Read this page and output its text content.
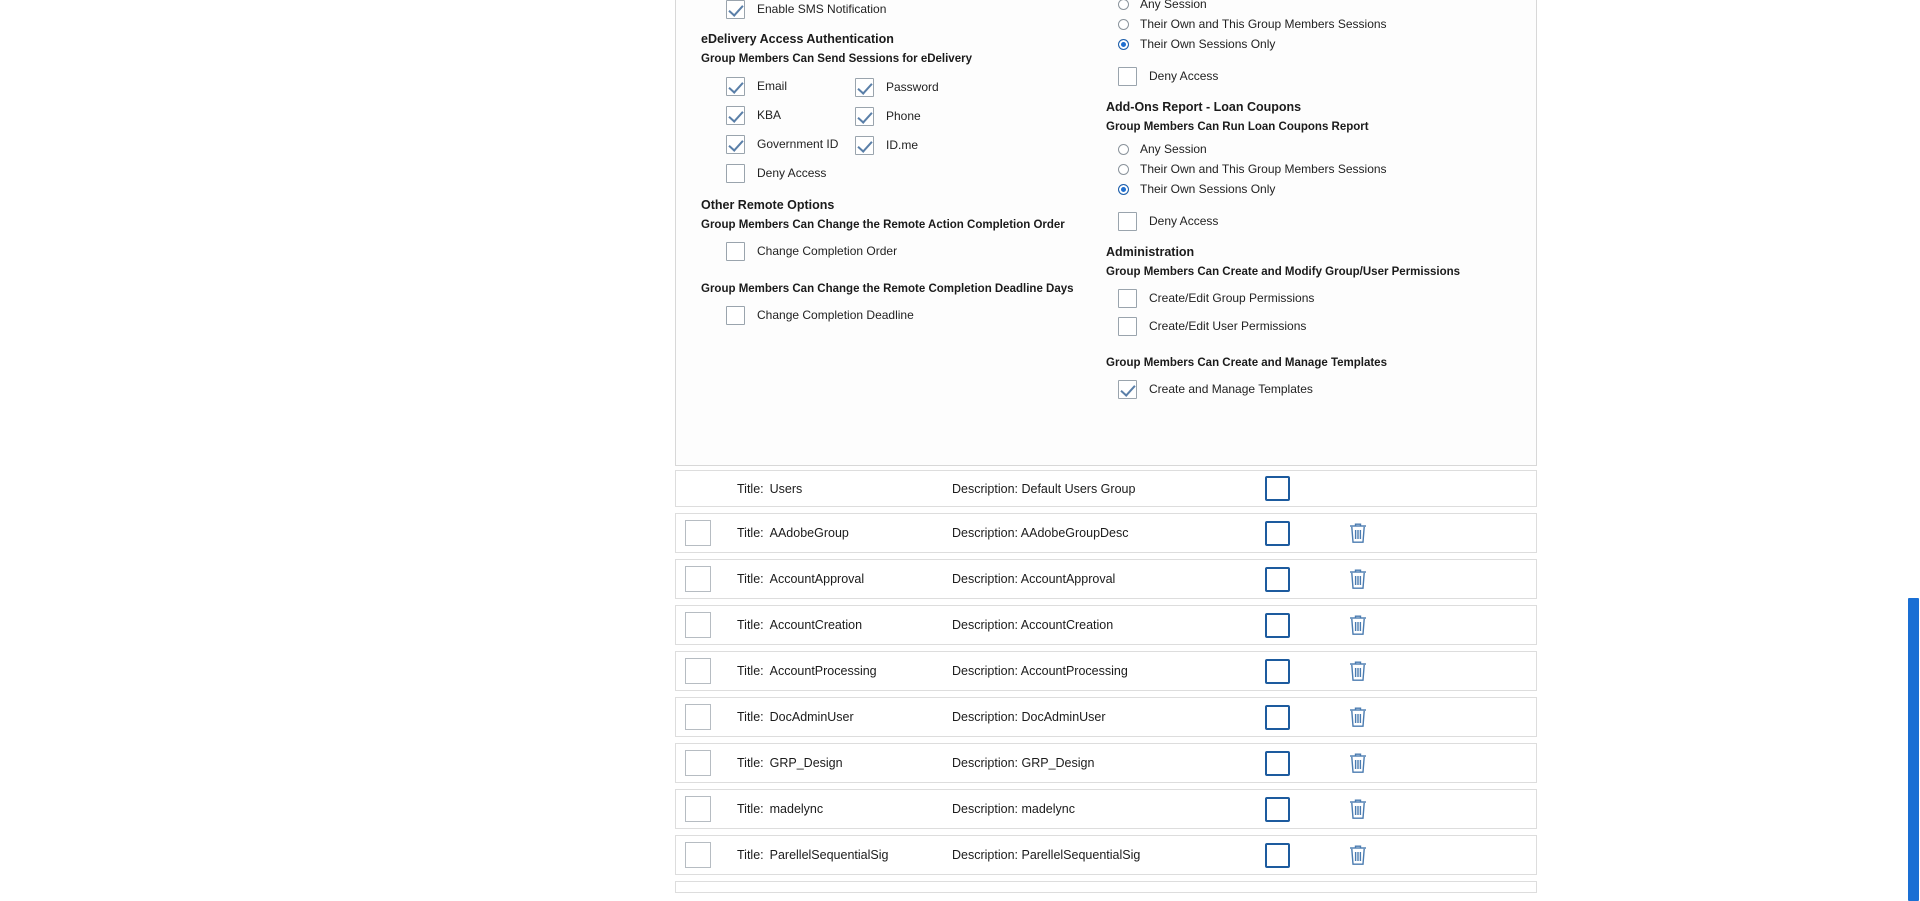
Enable SMS Notification
eDelivery Access Authentication
Group Members Can Send Sessions for eDelivery
Email
KBA
Government ID
Deny Access
Password
Phone
ID.me
Other Remote Options
Group Members Can Change the Remote Action Completion Order
Change Completion Order
Group Members Can Change the Remote Completion Deadline Days
Change Completion Deadline
Any Session
Their Own and This Group Members Sessions
Their Own Sessions Only
Deny Access
Add-Ons Report - Loan Coupons
Group Members Can Run Loan Coupons Report
Any Session
Their Own and This Group Members Sessions
Their Own Sessions Only
Deny Access
Administration
Group Members Can Create and Modify Group/User Permissions
Create/Edit Group Permissions
Create/Edit User Permissions
Group Members Can Create and Manage Templates
Create and Manage Templates
Title: Users	Description: Default Users Group
Title: AAdobeGroup	Description: AAdobeGroupDesc
Title: AccountApproval	Description: AccountApproval
Title: AccountCreation	Description: AccountCreation
Title: AccountProcessing	Description: AccountProcessing
Title: DocAdminUser	Description: DocAdminUser
Title: GRP_Design	Description: GRP_Design
Title: madelync	Description: madelync
Title: ParellelSequentialSig	Description: ParellelSequentialSig
